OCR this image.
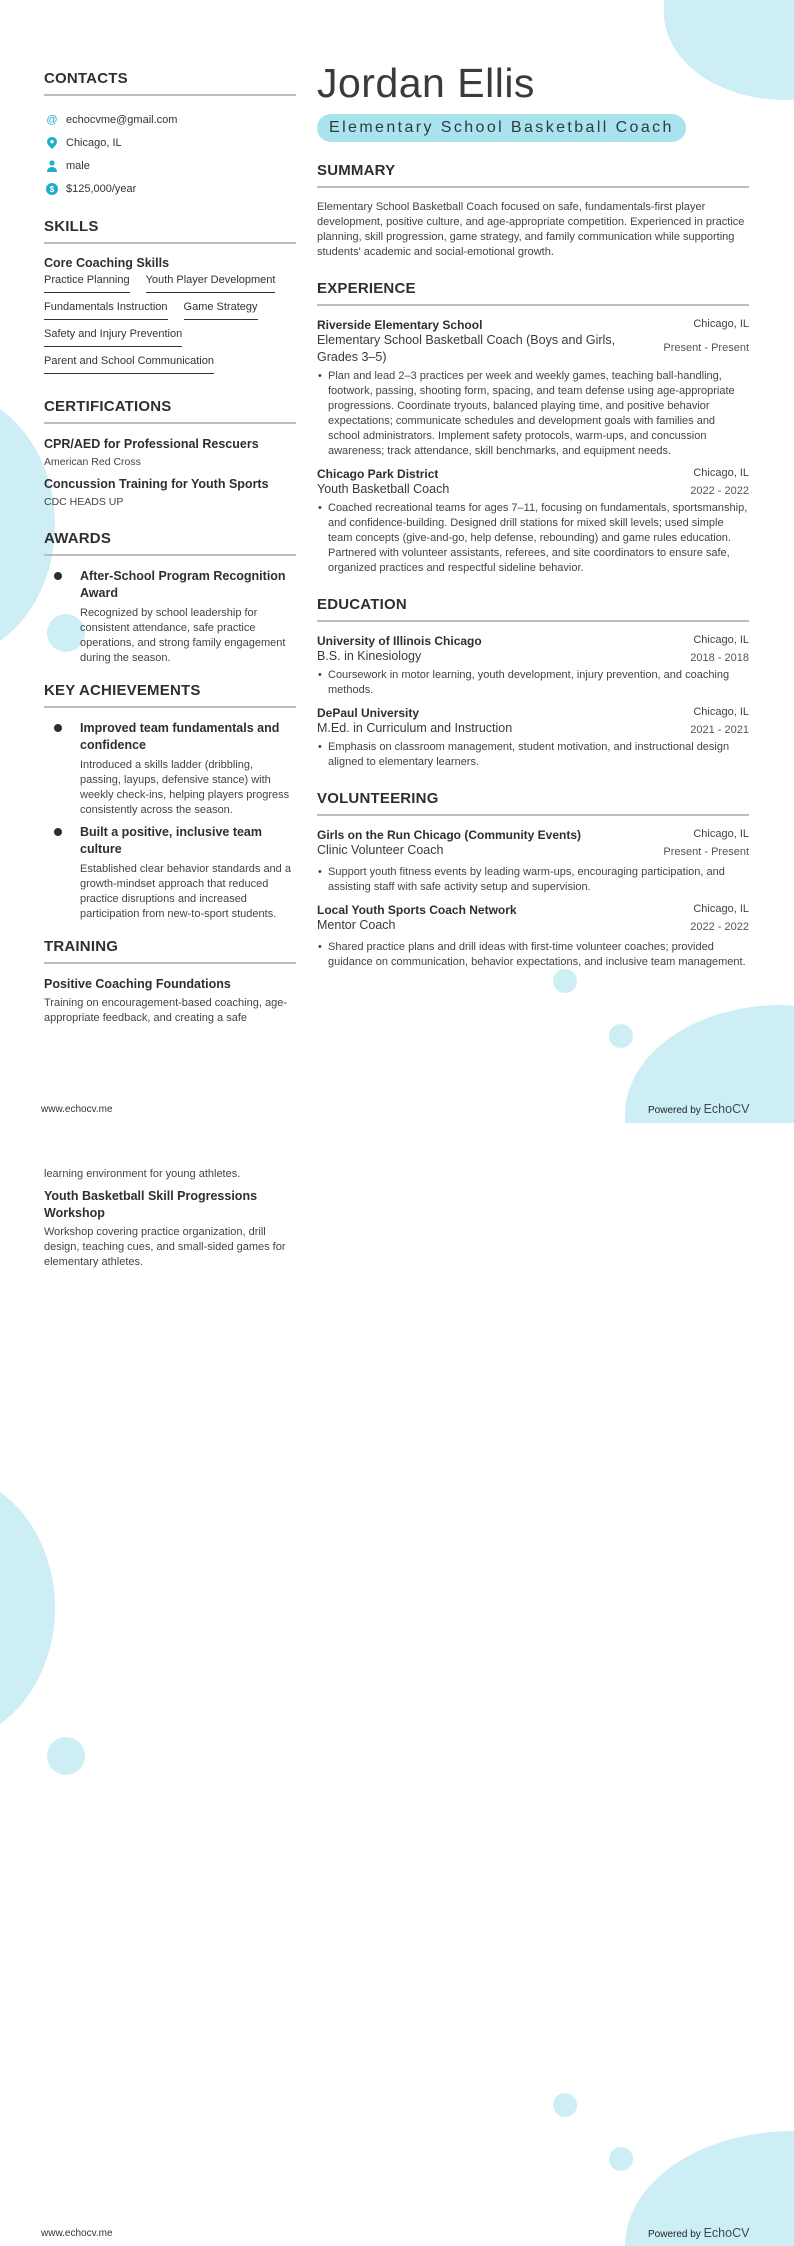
CONTACTS
@ echocvme@gmail.com
Chicago, IL
male
$ $125,000/year
SKILLS
Core Coaching Skills
Practice Planning Youth Player Development
Fundamentals Instruction Game Strategy
Safety and Injury Prevention
Parent and School Communication
CERTIFICATIONS
CPR/AED for Professional Rescuers
American Red Cross
Concussion Training for Youth Sports
CDC HEADS UP
AWARDS
After-School Program Recognition Award
Recognized by school leadership for consistent attendance, safe practice operations, and strong family engagement during the season.
KEY ACHIEVEMENTS
Improved team fundamentals and confidence
Introduced a skills ladder (dribbling, passing, layups, defensive stance) with weekly check-ins, helping players progress consistently across the season.
Built a positive, inclusive team culture
Established clear behavior standards and a growth-mindset approach that reduced practice disruptions and increased participation from new-to-sport students.
TRAINING
Positive Coaching Foundations
Training on encouragement-based coaching, age-appropriate feedback, and creating a safe
Jordan Ellis
Elementary School Basketball Coach
SUMMARY
Elementary School Basketball Coach focused on safe, fundamentals-first player development, positive culture, and age-appropriate competition. Experienced in practice planning, skill progression, game strategy, and family communication while supporting students' academic and social-emotional growth.
EXPERIENCE
Riverside Elementary School	Chicago, IL
Elementary School Basketball Coach (Boys and Girls, Grades 3–5)
Present - Present
• Plan and lead 2–3 practices per week and weekly games, teaching ball-handling, footwork, passing, shooting form, spacing, and team defense using age-appropriate progressions. Coordinate tryouts, balanced playing time, and positive behavior expectations; communicate schedules and development goals with families and school administrators. Implement safety protocols, warm-ups, and concussion awareness; track attendance, skill benchmarks, and equipment needs.
Chicago Park District	Chicago, IL
Youth Basketball Coach	2022 - 2022
• Coached recreational teams for ages 7–11, focusing on fundamentals, sportsmanship, and confidence-building. Designed drill stations for mixed skill levels; used simple team concepts (give-and-go, help defense, rebounding) and game rules education. Partnered with volunteer assistants, referees, and site coordinators to ensure safe, organized practices and respectful sideline behavior.
EDUCATION
University of Illinois Chicago	Chicago, IL
B.S. in Kinesiology	2018 - 2018
• Coursework in motor learning, youth development, injury prevention, and coaching methods.
DePaul University	Chicago, IL
M.Ed. in Curriculum and Instruction	2021 - 2021
• Emphasis on classroom management, student motivation, and instructional design aligned to elementary learners.
VOLUNTEERING
Girls on the Run Chicago (Community Events)	Chicago, IL
Clinic Volunteer Coach	Present - Present
• Support youth fitness events by leading warm-ups, encouraging participation, and assisting staff with safe activity setup and supervision.
Local Youth Sports Coach Network	Chicago, IL
Mentor Coach	2022 - 2022
• Shared practice plans and drill ideas with first-time volunteer coaches; provided guidance on communication, behavior expectations, and inclusive team management.
www.echocv.me	Powered by EchoCV
learning environment for young athletes.
Youth Basketball Skill Progressions Workshop
Workshop covering practice organization, drill design, teaching cues, and small-sided games for elementary athletes.
www.echocv.me	Powered by EchoCV
